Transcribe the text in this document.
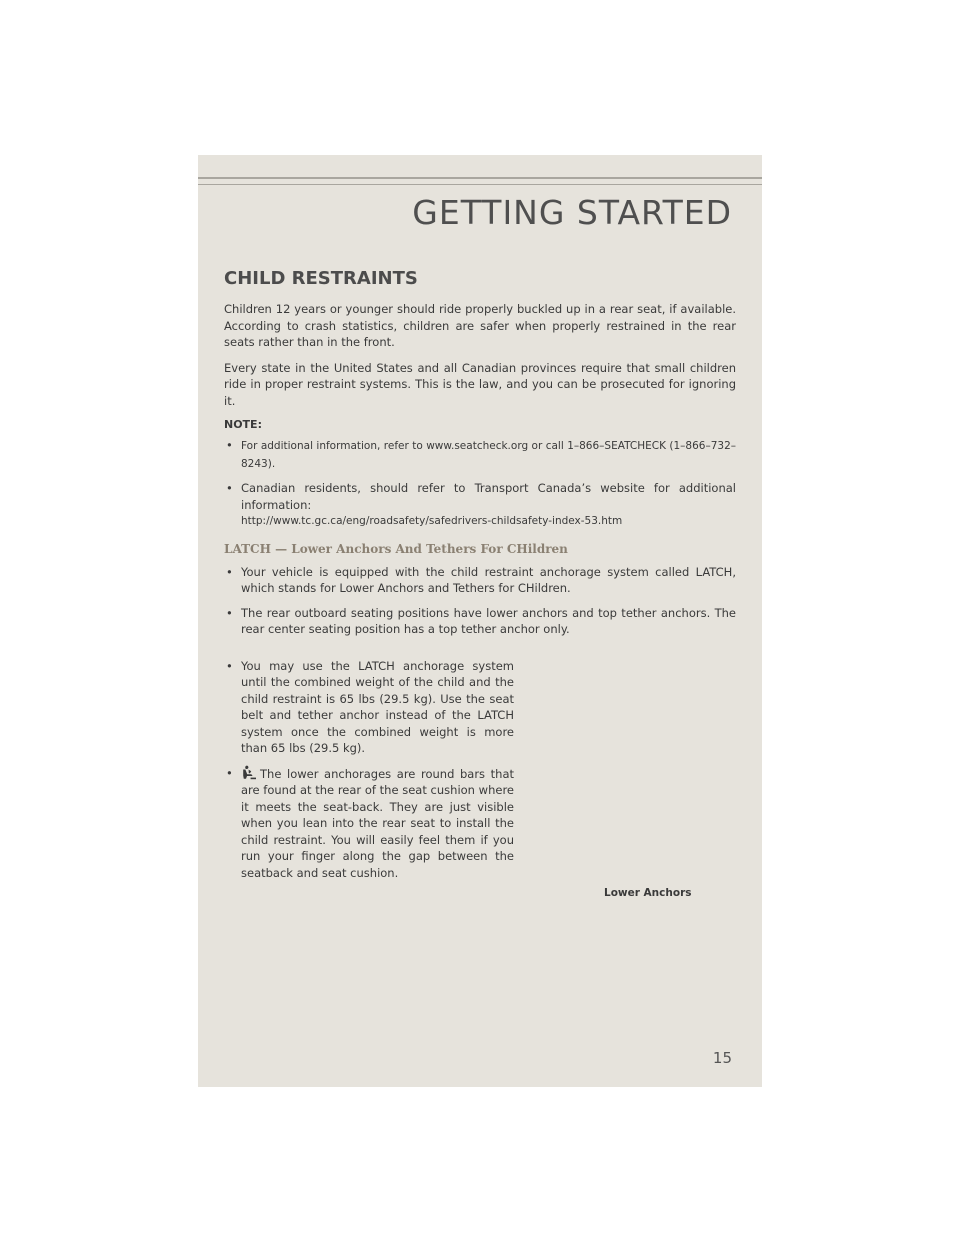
GETTING STARTED
CHILD RESTRAINTS

Children 12 years or younger should ride properly buckled up in a rear seat, if available. According to crash statistics, children are safer when properly restrained in the rear seats rather than in the front.

Every state in the United States and all Canadian provinces require that small children ride in proper restraint systems. This is the law, and you can be prosecuted for ignoring it.

NOTE:
• For additional information, refer to www.seatcheck.org or call 1–866–SEATCHECK (1–866–732–8243).
• Canadian residents, should refer to Transport Canada’s website for additional information:
http://www.tc.gc.ca/eng/roadsafety/safedrivers-childsafety-index-53.htm
LATCH — Lower Anchors And Tethers For CHildren
• Your vehicle is equipped with the child restraint anchorage system called LATCH, which stands for Lower Anchors and Tethers for CHildren.
• The rear outboard seating positions have lower anchors and top tether anchors. The rear center seating position has a top tether anchor only.
• You may use the LATCH anchorage system until the combined weight of the child and the child restraint is 65 lbs (29.5 kg). Use the seat belt and tether anchor instead of the LATCH system once the combined weight is more than 65 lbs (29.5 kg).
• The lower anchorages are round bars that are found at the rear of the seat cushion where it meets the seat-back. They are just visible when you lean into the rear seat to install the child restraint. You will easily feel them if you run your finger along the gap between the seatback and seat cushion.
Lower Anchors
15
